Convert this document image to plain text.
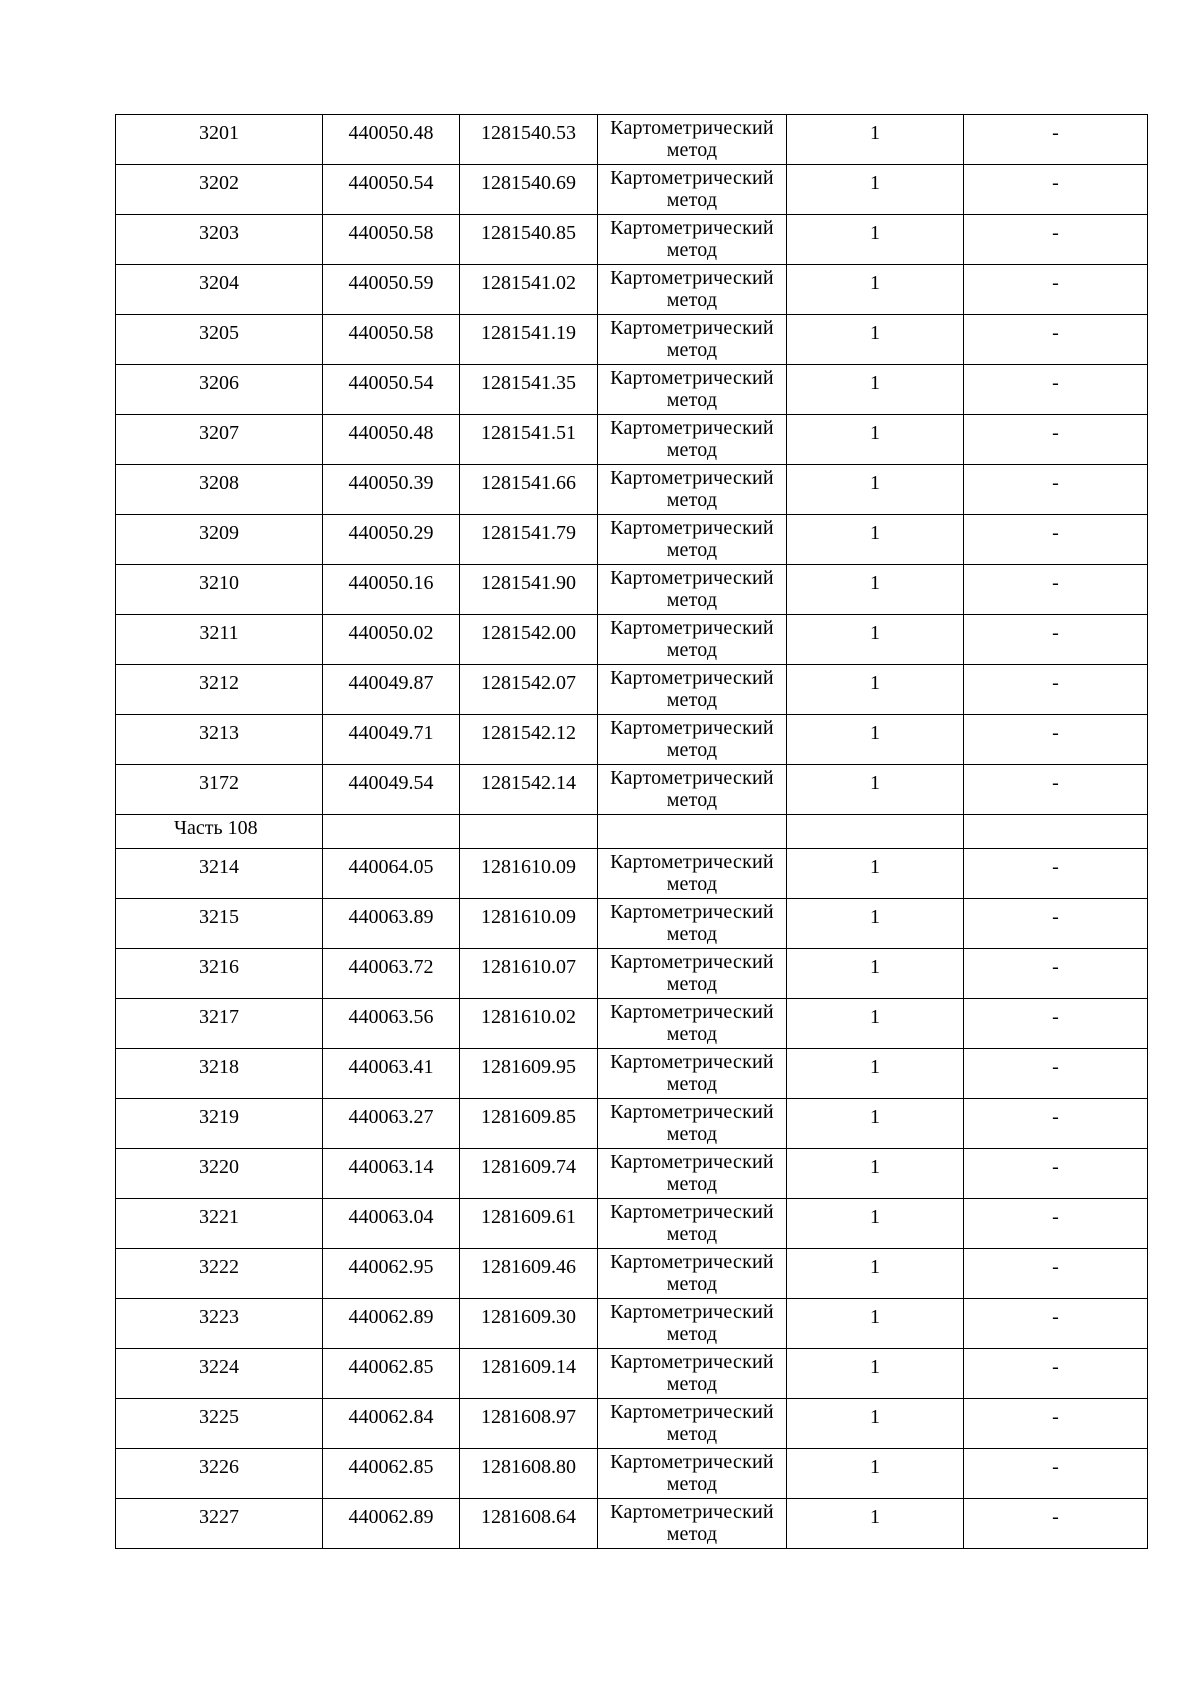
3201	440050.48	1281540.53	Картометрический метод	1	-
3202	440050.54	1281540.69	Картометрический метод	1	-
3203	440050.58	1281540.85	Картометрический метод	1	-
3204	440050.59	1281541.02	Картометрический метод	1	-
3205	440050.58	1281541.19	Картометрический метод	1	-
3206	440050.54	1281541.35	Картометрический метод	1	-
3207	440050.48	1281541.51	Картометрический метод	1	-
3208	440050.39	1281541.66	Картометрический метод	1	-
3209	440050.29	1281541.79	Картометрический метод	1	-
3210	440050.16	1281541.90	Картометрический метод	1	-
3211	440050.02	1281542.00	Картометрический метод	1	-
3212	440049.87	1281542.07	Картометрический метод	1	-
3213	440049.71	1281542.12	Картометрический метод	1	-
3172	440049.54	1281542.14	Картометрический метод	1	-
Часть 108					
3214	440064.05	1281610.09	Картометрический метод	1	-
3215	440063.89	1281610.09	Картометрический метод	1	-
3216	440063.72	1281610.07	Картометрический метод	1	-
3217	440063.56	1281610.02	Картометрический метод	1	-
3218	440063.41	1281609.95	Картометрический метод	1	-
3219	440063.27	1281609.85	Картометрический метод	1	-
3220	440063.14	1281609.74	Картометрический метод	1	-
3221	440063.04	1281609.61	Картометрический метод	1	-
3222	440062.95	1281609.46	Картометрический метод	1	-
3223	440062.89	1281609.30	Картометрический метод	1	-
3224	440062.85	1281609.14	Картометрический метод	1	-
3225	440062.84	1281608.97	Картометрический метод	1	-
3226	440062.85	1281608.80	Картометрический метод	1	-
3227	440062.89	1281608.64	Картометрический метод	1	-
